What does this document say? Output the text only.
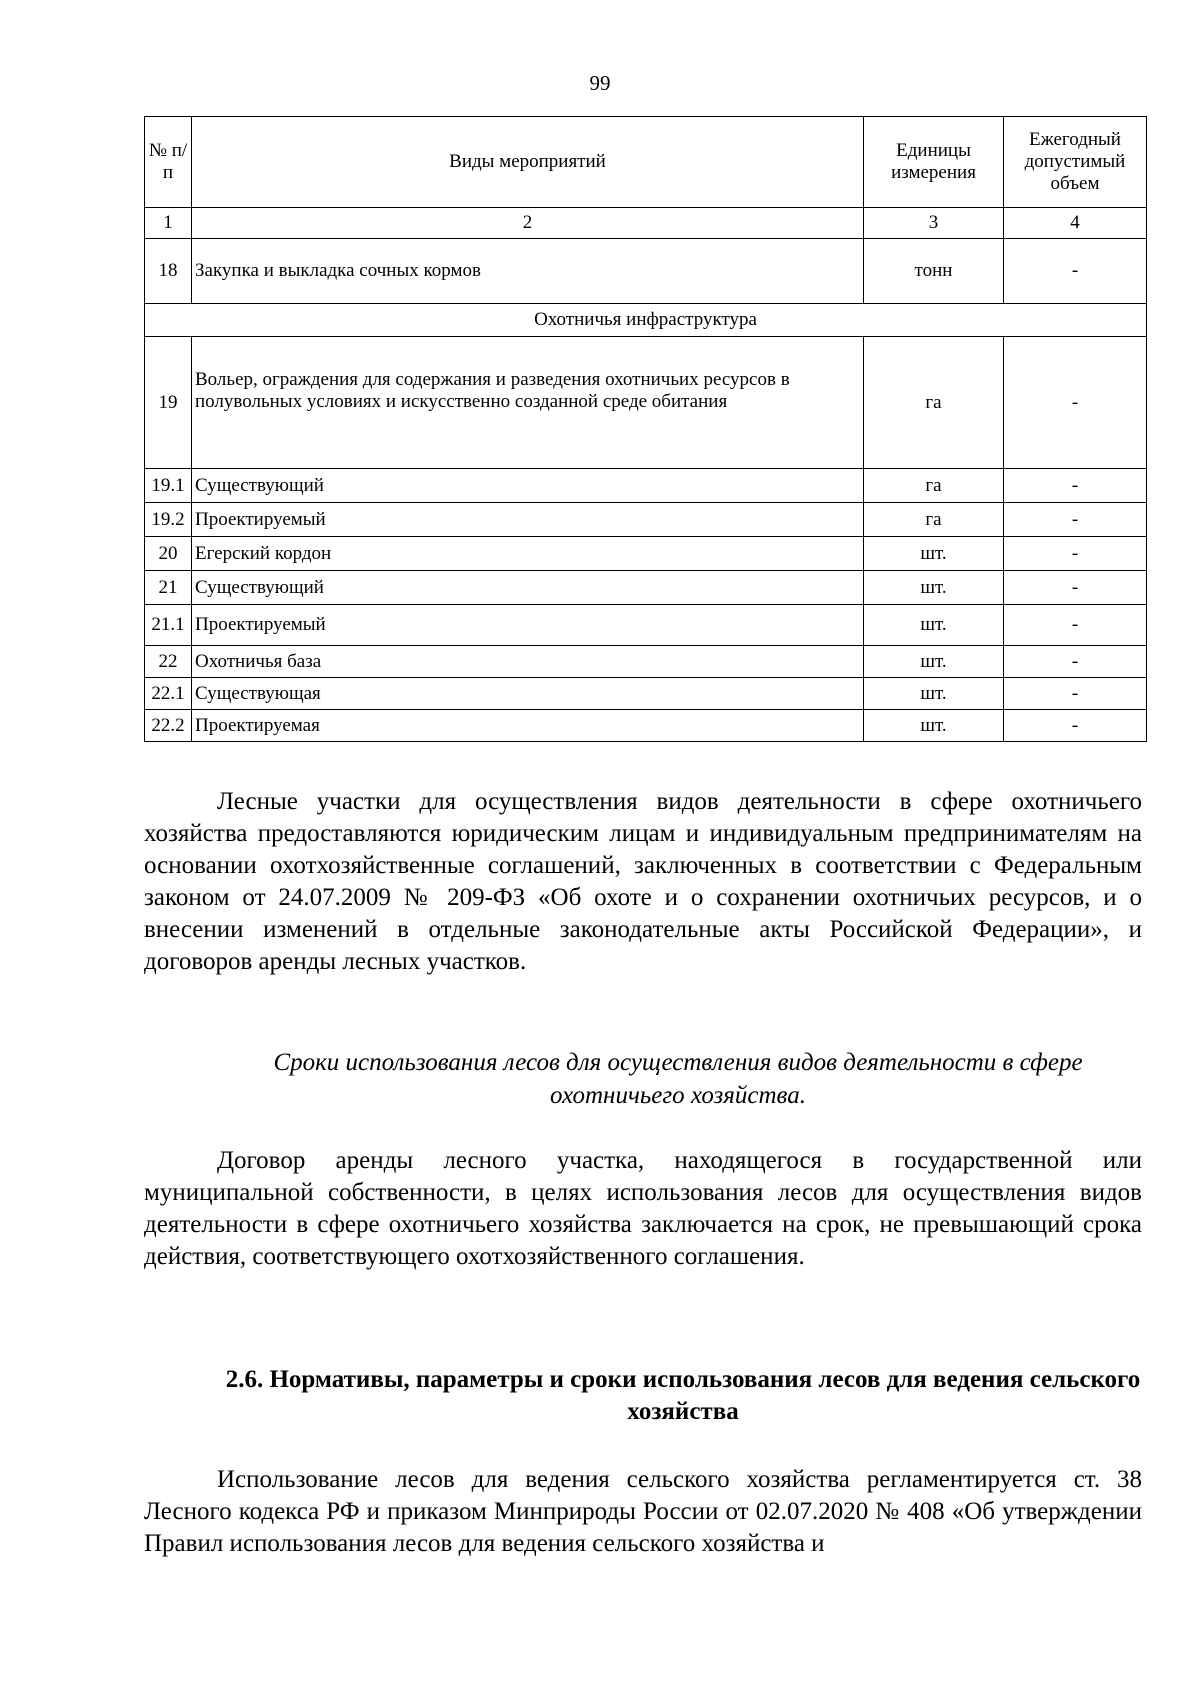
99
№ п/п	Виды мероприятий	Единицы измерения	Ежегодный допустимый объем
1	2	3	4
18	Закупка и выкладка сочных кормов	тонн	-
Охотничья инфраструктура			
19	Вольер, ограждения для содержания и разведения охотничьих ресурсов в полувольных условиях и искусственно созданной среде обитания	га	-
19.1	Существующий	га	-
19.2	Проектируемый	га	-
20	Егерский кордон	шт.	-
21	Существующий	шт.	-
21.1	Проектируемый	шт.	-
22	Охотничья база	шт.	-
22.1	Существующая	шт.	-
22.2	Проектируемая	шт.	-

Лесные участки для осуществления видов деятельности в сфере охотничьего хозяйства предоставляются юридическим лицам и индивидуальным предпринимателям на основании охотхозяйственные соглашений, заключенных в соответствии с Федеральным законом от 24.07.2009 № 209-ФЗ «Об охоте и о сохранении охотничьих ресурсов, и о внесении изменений в отдельные законодательные акты Российской Федерации», и договоров аренды лесных участков.

Сроки использования лесов для осуществления видов деятельности в сфере охотничьего хозяйства.

Договор аренды лесного участка, находящегося в государственной или муниципальной собственности, в целях использования лесов для осуществления видов деятельности в сфере охотничьего хозяйства заключается на срок, не превышающий срока действия, соответствующего охотхозяйственного соглашения.

2.6. Нормативы, параметры и сроки использования лесов для ведения сельского хозяйства

Использование лесов для ведения сельского хозяйства регламентируется ст. 38 Лесного кодекса РФ и приказом Минприроды России от 02.07.2020 № 408 «Об утверждении Правил использования лесов для ведения сельского хозяйства и
